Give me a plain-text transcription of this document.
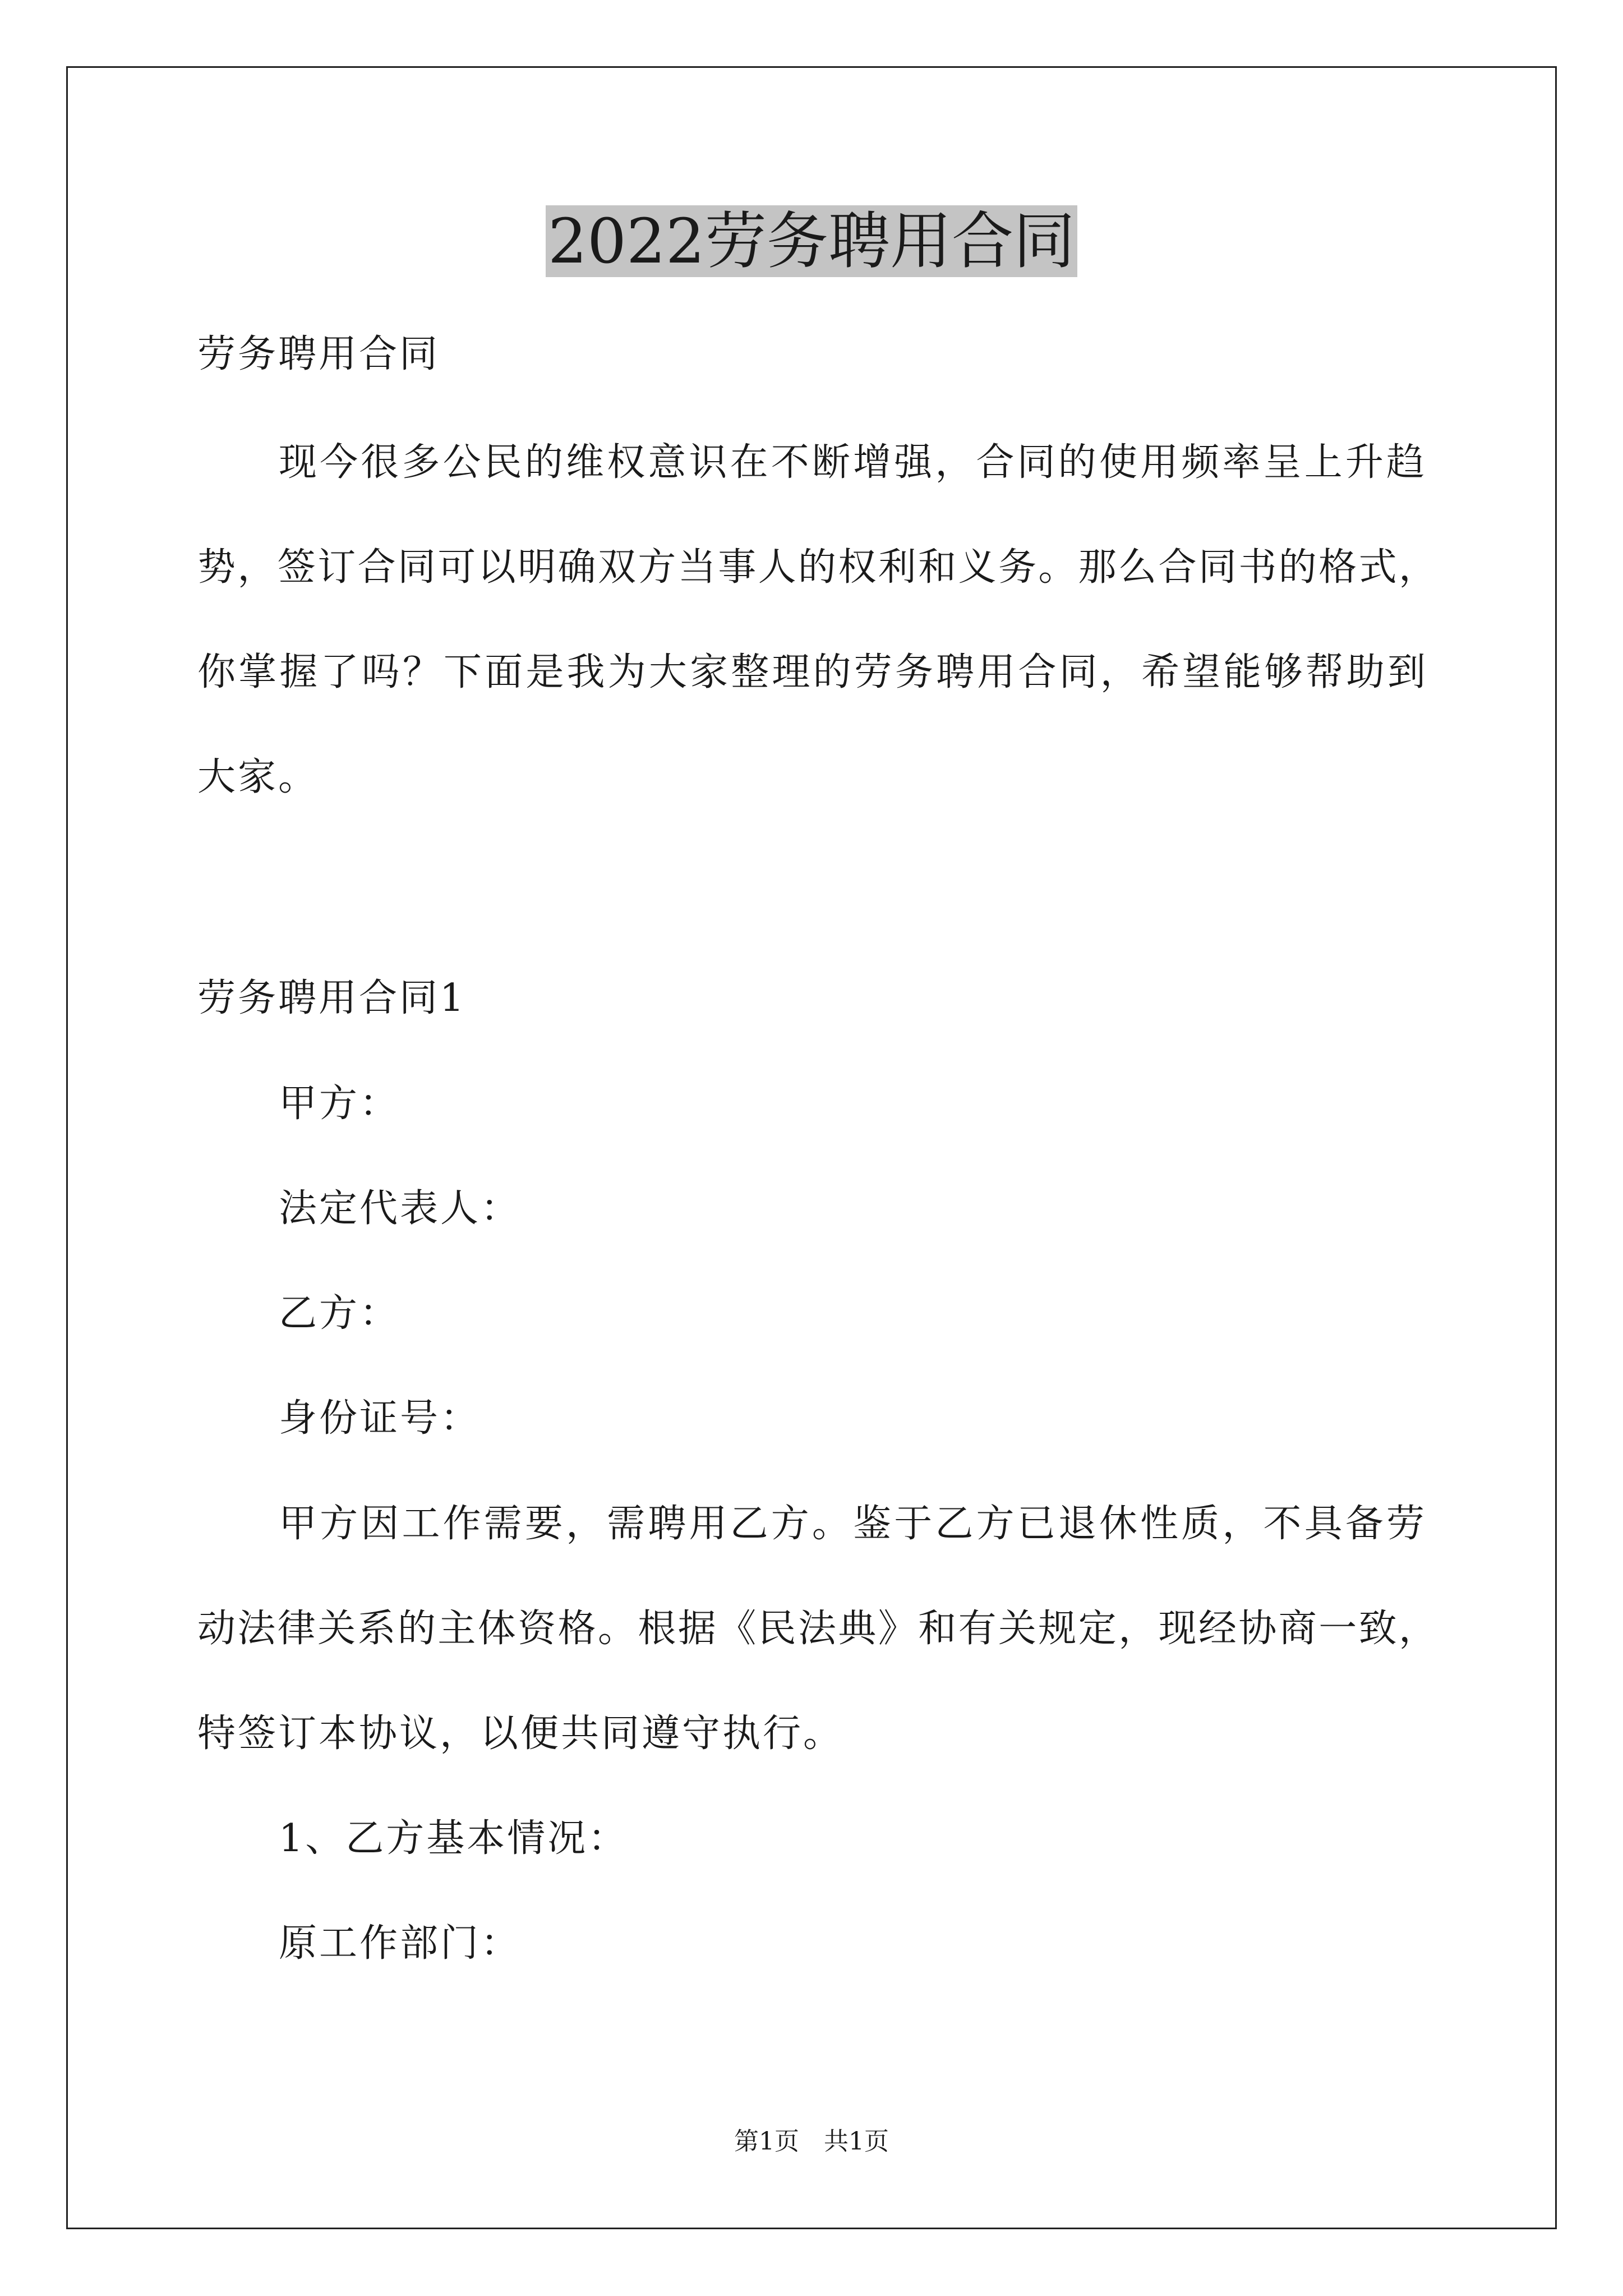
2022劳务聘用合同

劳务聘用合同

现今很多公民的维权意识在不断增强，合同的使用频率呈上升趋

势，签订合同可以明确双方当事人的权利和义务。那么合同书的格式，

你掌握了吗？下面是我为大家整理的劳务聘用合同，希望能够帮助到

大家。

劳务聘用合同1

甲方：

法定代表人：

乙方：

身份证号：

甲方因工作需要，需聘用乙方。鉴于乙方已退休性质，不具备劳

动法律关系的主体资格。根据《民法典》和有关规定，现经协商一致，

特签订本协议，以便共同遵守执行。

1、乙方基本情况：

原工作部门：

第1页　共1页
